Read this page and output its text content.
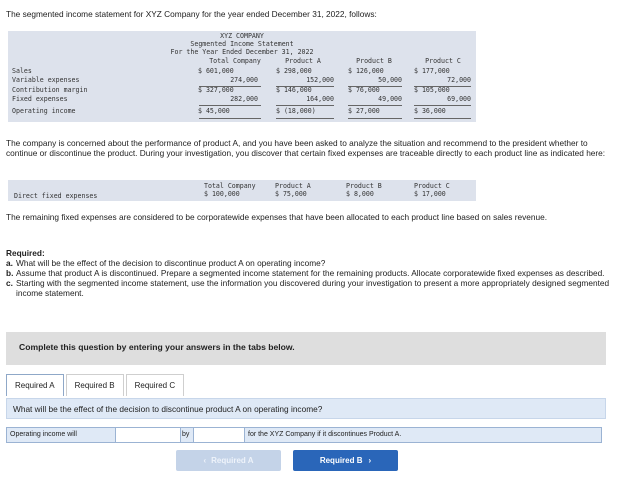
The segmented income statement for XYZ Company for the year ended December 31, 2022, follows:
XYZ COMPANY
Segmented Income Statement
For the Year Ended December 31, 2022
Total Company	Product A	Product B	Product C
Sales	$ 601,000	$ 298,000	$ 126,000	$ 177,000
Variable expenses	274,000	152,000	50,000	72,000
Contribution margin	$ 327,000	$ 146,000	$ 76,000	$ 105,000
Fixed expenses	282,000	164,000	49,000	69,000
Operating income	$ 45,000	$ (18,000)	$ 27,000	$ 36,000
The company is concerned about the performance of product A, and you have been asked to analyze the situation and recommend to the president whether to continue or discontinue the product. During your investigation, you discover that certain fixed expenses are traceable directly to each product line as indicated here:
Total Company	Product A	Product B	Product C
Direct fixed expenses	$ 100,000	$ 75,000	$ 8,000	$ 17,000
The remaining fixed expenses are considered to be corporatewide expenses that have been allocated to each product line based on sales revenue.
Required:
a. What will be the effect of the decision to discontinue product A on operating income?
b. Assume that product A is discontinued. Prepare a segmented income statement for the remaining products. Allocate corporatewide fixed expenses as described.
c. Starting with the segmented income statement, use the information you discovered during your investigation to present a more appropriately designed segmented income statement.
Complete this question by entering your answers in the tabs below.
Required A	Required B	Required C
What will be the effect of the decision to discontinue product A on operating income?
Operating income will	by	for the XYZ Company if it discontinues Product A.
‹ Required A	Required B ›
